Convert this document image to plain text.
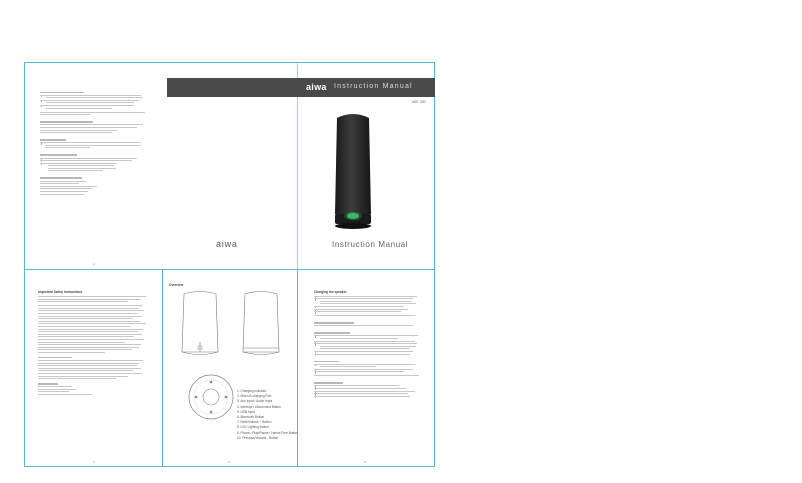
4
aiwa Instruction Manual
ABT-300
aiwa	Instruction Manual
Important Safety Instructions
1
Overview
1. Charging indicator
2. Micro-B charging Port
3. Aux input / Audio Input
4. Interrupt / Disconnect Button
5. USB Input
6. Bluetooth Button
7. Next/Volume + Button
8. LED Lighting Button
9. Phone / Play/Pause / Hands Free Button
10. Previous/Volume - Button
2
Charging the speaker
3
